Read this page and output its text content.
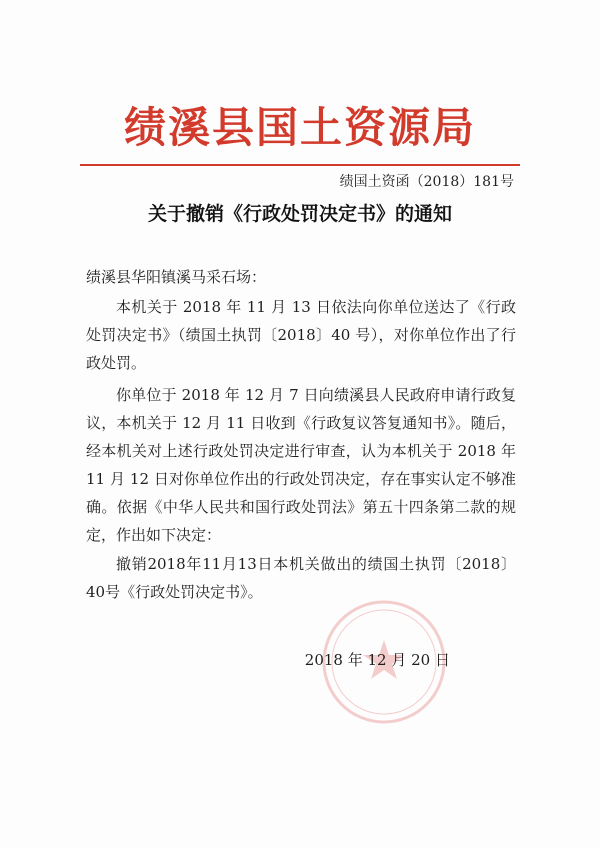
绩溪县国土资源局
绩国土资函（2018）181号
关于撤销《行政处罚决定书》的通知
绩溪县华阳镇溪马采石场：
本机关于 2018 年 11 月 13 日依法向你单位送达了《行政处罚决定书》（绩国土执罚〔2018〕40 号），对你单位作出了行政处罚。
你单位于 2018 年 12 月 7 日向绩溪县人民政府申请行政复议，本机关于 12 月 11 日收到《行政复议答复通知书》。随后，经本机关对上述行政处罚决定进行审查，认为本机关于 2018 年 11 月 12 日对你单位作出的行政处罚决定，存在事实认定不够准确。依据《中华人民共和国行政处罚法》第五十四条第二款的规定，作出如下决定：
撤销2018年11月13日本机关做出的绩国土执罚〔2018〕40号《行政处罚决定书》。
2018 年 12 月 20 日
